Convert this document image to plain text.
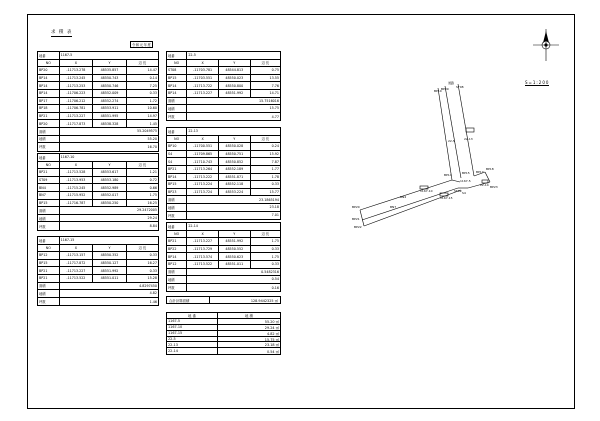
求 積 表
令和元年度
地番	1167-5
NO	X	Y	辺 長
BP20	-11713.278	48535.857	14.47
BP14	-11713.245	48550.743	0.14
BP14	-11713.253	48550.746	7.25
BP14	-11706.223	48552.009	0.33
BP17	-11706.212	48552.274	1.72
BP18	-11706.781	48553.911	10.60
BP21	-11713.227	48551.995	14.97
BP20	-11717.873	48538.328	1.45
面積	55.2049575
地積	55.20
坪数	16.70
地番	1167-10
NO	X	Y	辺 長
BP21	-11713.528	48553.617	1.21
ST09	-11713.953	48553.180	0.72
BN4	-11715.245	48552.989	0.66
BN7	-11715.952	48552.017	1.75
BP15	-11716.787	48550.250	16.25
面積	29.2472005
地積	29.24
坪数	8.84
地番	1167-15
NO	X	Y	辺 長
BP12	-11713.157	48550.352	0.33
BP15	-11717.872	48550.127	16.27
BP21	-11713.227	48551.992	0.33
BP21	-11713.522	48551.011	15.28
面積	4.8297450
地積	4.82
坪数	1.46
地番	22-5
NO	X	Y	辺 長
ST08	-11703.781	48544.813	0.75
BP15	-11703.551	48550.023	13.55
BP14	-11713.722	48550.800	7.76
BP14	-11713.227	48551.992	14.71
面積	15.7516016
地積	15.75
坪数	4.77
地番	22-13
NO	X	Y	辺 長
BP10	-11700.551	48550.028	0.24
S4	-11709.865	48550.751	15.92
S4	-11710.743	48550.852	7.87
BP21	-11713.264	48552.189	1.77
BP14	-11713.222	48551.871	1.78
BP15	-11713.224	48552.118	0.33
BP23	-11713.724	48553.224	15.77
面積	23.1865194
地積	23.18
坪数	7.01
地番	22-14
NO	X	Y	辺 長
BP21	-11713.227	48551.992	1.75
BP22	-11713.729	48550.552	0.33
BP14	-11713.574	48550.623	1.75
BP12	-11713.522	48551.011	0.33
面積	0.5482316
地積	0.54
坪数	0.16
合計計算面積	128.9442325 ㎡
地 番	地 積
1167-5	55.20 ㎡
1167-10	29.24 ㎡
1167-15	4.82 ㎡
22-5	15.75 ㎡
22-13	23.18 ㎡
22-14	0.54 ㎡
S=1:200
道路
22-5	22-13
1167-5
1167-10
1167-15
22-14
BP10 BP09 ST08
BP14	BP15 BP17
BP18
BP20
BP21
BP22
BP23
BN4
BN7
ST09 S4
